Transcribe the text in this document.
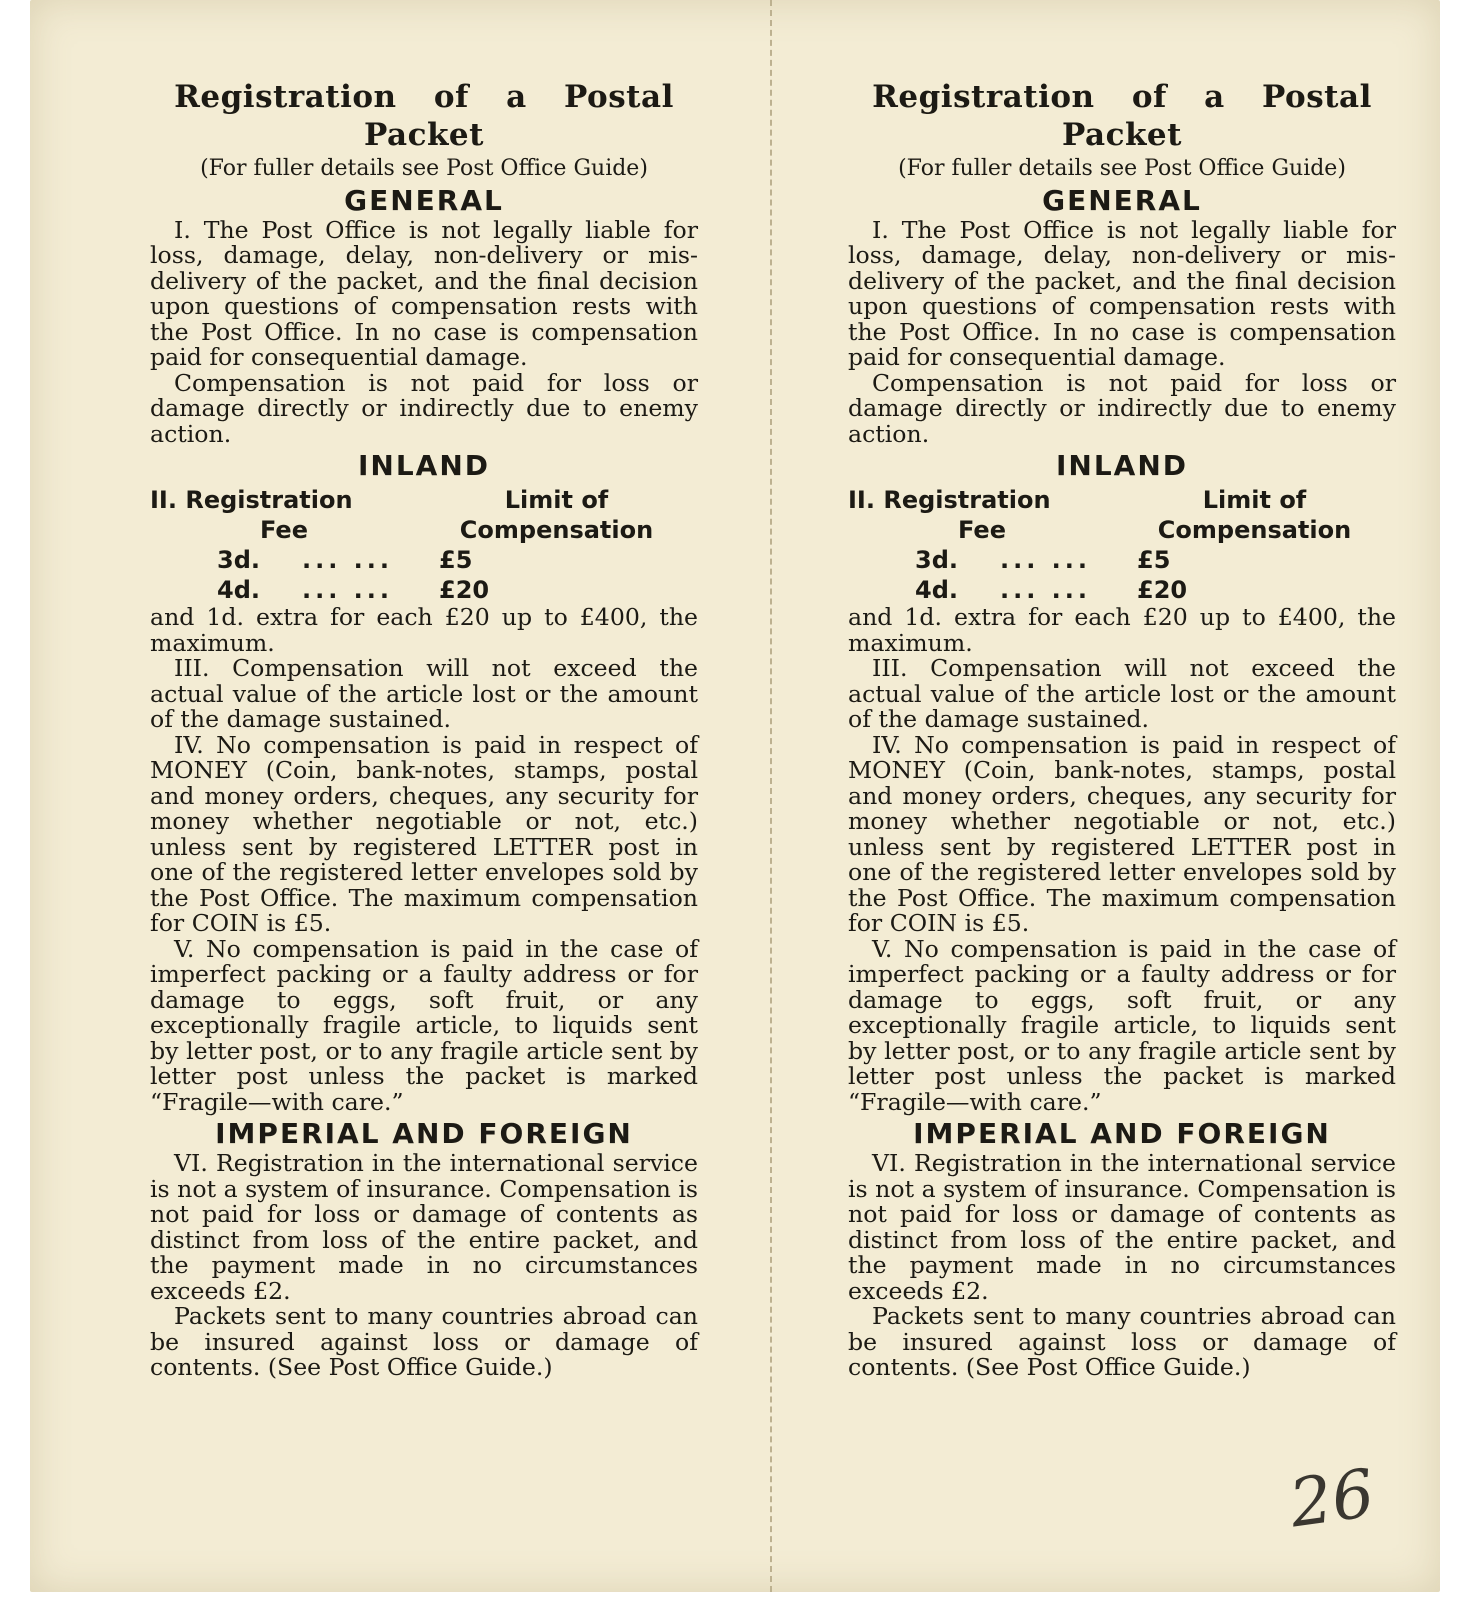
Registration of a Postal
Packet
(For fuller details see Post Office Guide)
GENERAL

I. The Post Office is not legally liable for loss, damage, delay, non-delivery or mis-delivery of the packet, and the final decision upon questions of compensation rests with the Post Office. In no case is compensation paid for consequential damage.

Compensation is not paid for loss or damage directly or indirectly due to enemy action.

INLAND
II. Registration	Limit of
Fee	Compensation
3d.	... ...	£5
4d.	... ...	£20

and 1d. extra for each £20 up to £400, the maximum.

III. Compensation will not exceed the actual value of the article lost or the amount of the damage sustained.

IV. No compensation is paid in respect of MONEY (Coin, bank-notes, stamps, postal and money orders, cheques, any security for money whether negotiable or not, etc.) unless sent by registered LETTER post in one of the registered letter envelopes sold by the Post Office. The maximum compensation for COIN is £5.

V. No compensation is paid in the case of imperfect packing or a faulty address or for damage to eggs, soft fruit, or any exceptionally fragile article, to liquids sent by letter post, or to any fragile article sent by letter post unless the packet is marked “Fragile—with care.”

IMPERIAL AND FOREIGN

VI. Registration in the international service is not a system of insurance. Compensation is not paid for loss or damage of contents as distinct from loss of the entire packet, and the payment made in no circumstances exceeds £2.

Packets sent to many countries abroad can be insured against loss or damage of contents. (See Post Office Guide.)

Registration of a Postal
Packet
(For fuller details see Post Office Guide)
GENERAL

I. The Post Office is not legally liable for loss, damage, delay, non-delivery or mis-delivery of the packet, and the final decision upon questions of compensation rests with the Post Office. In no case is compensation paid for consequential damage.

Compensation is not paid for loss or damage directly or indirectly due to enemy action.

INLAND
II. Registration	Limit of
Fee	Compensation
3d.	... ...	£5
4d.	... ...	£20

and 1d. extra for each £20 up to £400, the maximum.

III. Compensation will not exceed the actual value of the article lost or the amount of the damage sustained.

IV. No compensation is paid in respect of MONEY (Coin, bank-notes, stamps, postal and money orders, cheques, any security for money whether negotiable or not, etc.) unless sent by registered LETTER post in one of the registered letter envelopes sold by the Post Office. The maximum compensation for COIN is £5.

V. No compensation is paid in the case of imperfect packing or a faulty address or for damage to eggs, soft fruit, or any exceptionally fragile article, to liquids sent by letter post, or to any fragile article sent by letter post unless the packet is marked “Fragile—with care.”

IMPERIAL AND FOREIGN

VI. Registration in the international service is not a system of insurance. Compensation is not paid for loss or damage of contents as distinct from loss of the entire packet, and the payment made in no circumstances exceeds £2.

Packets sent to many countries abroad can be insured against loss or damage of contents. (See Post Office Guide.)

26
